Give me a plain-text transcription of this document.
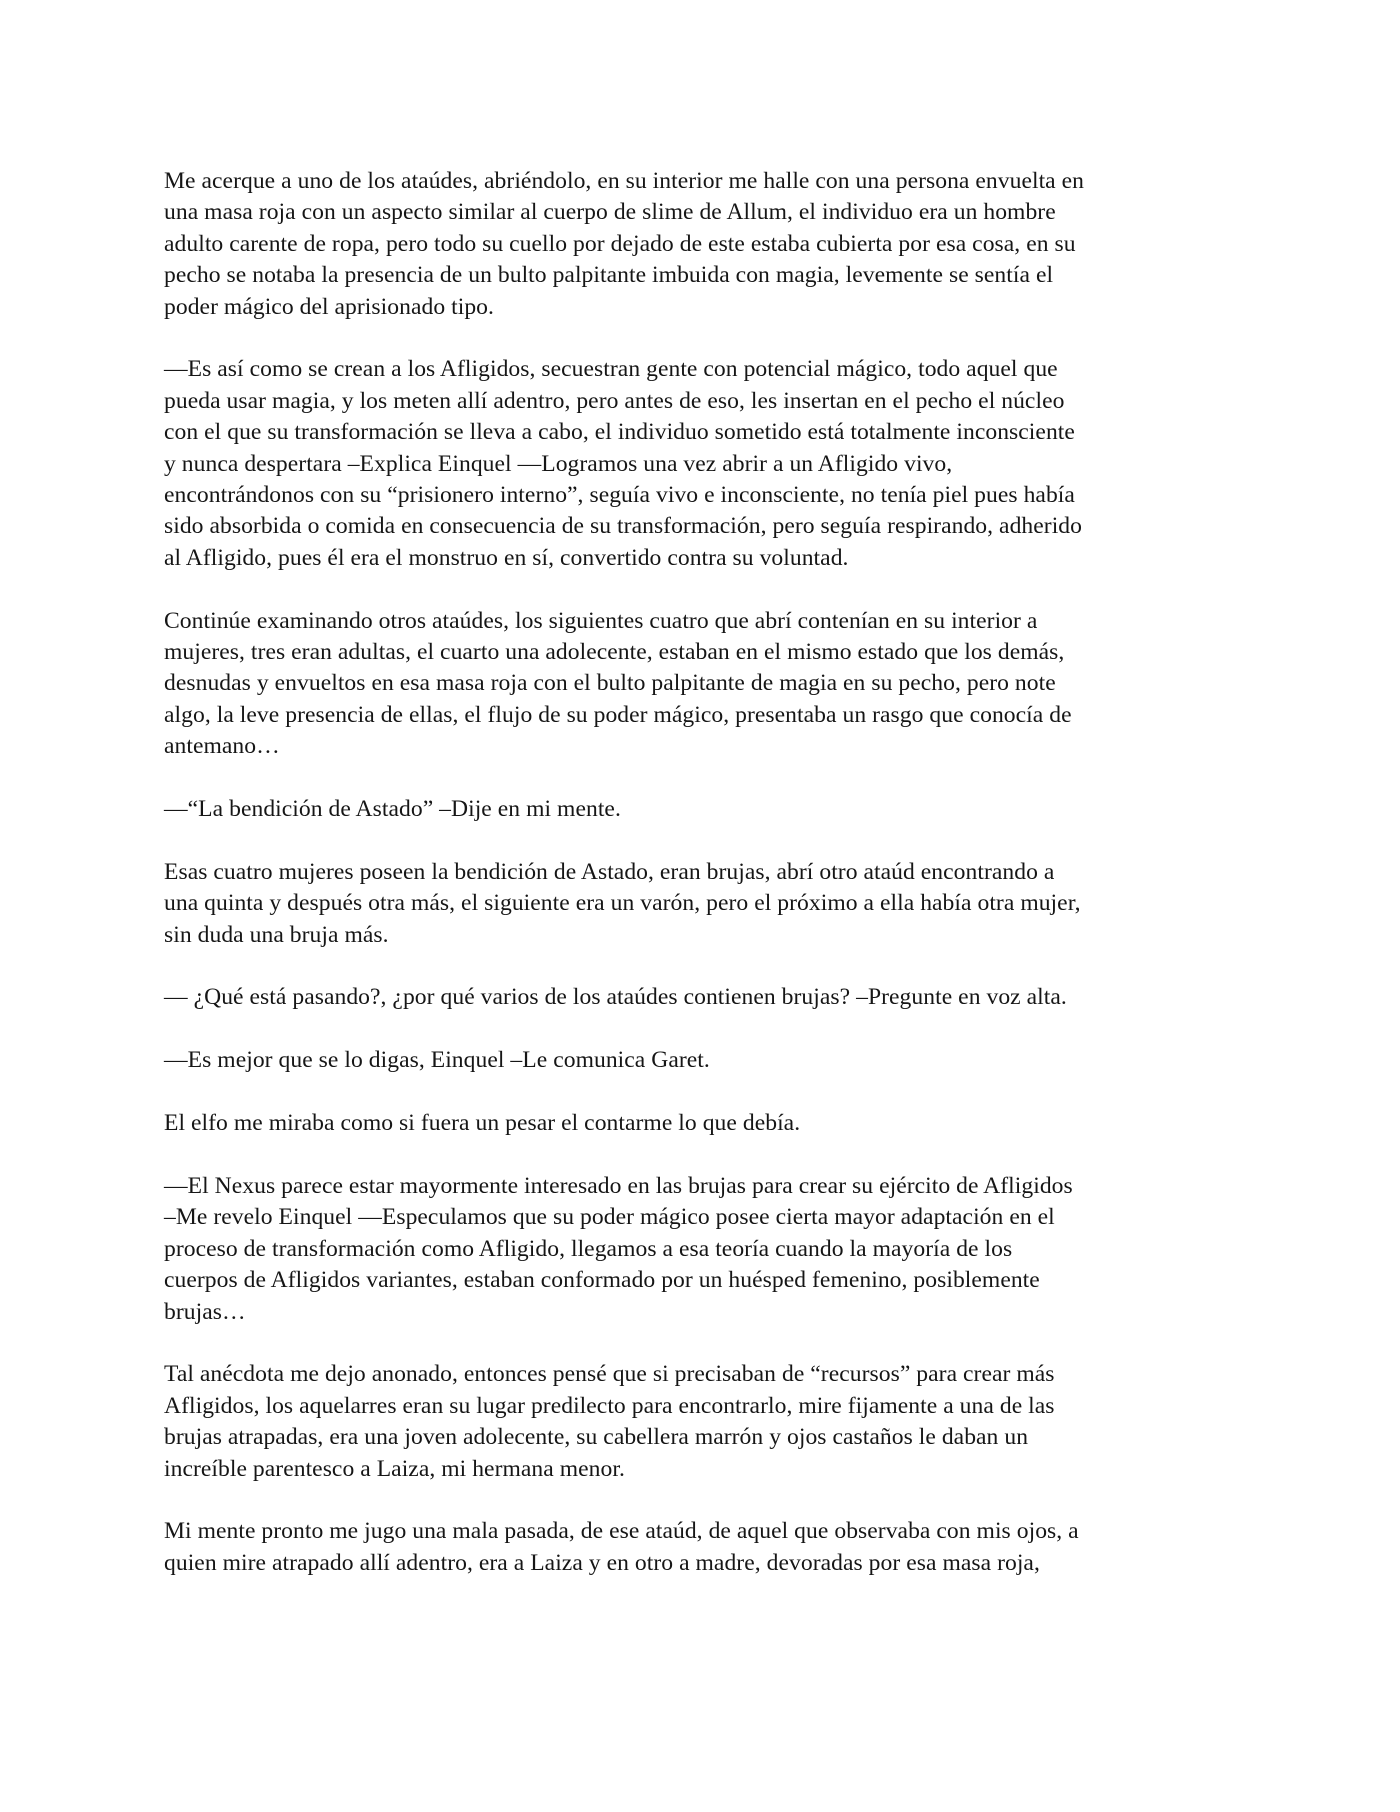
Me acerque a uno de los ataúdes, abriéndolo, en su interior me halle con una persona envuelta en
una masa roja con un aspecto similar al cuerpo de slime de Allum, el individuo era un hombre
adulto carente de ropa, pero todo su cuello por dejado de este estaba cubierta por esa cosa, en su
pecho se notaba la presencia de un bulto palpitante imbuida con magia, levemente se sentía el
poder mágico del aprisionado tipo.

—Es así como se crean a los Afligidos, secuestran gente con potencial mágico, todo aquel que
pueda usar magia, y los meten allí adentro, pero antes de eso, les insertan en el pecho el núcleo
con el que su transformación se lleva a cabo, el individuo sometido está totalmente inconsciente
y nunca despertara –Explica Einquel —Logramos una vez abrir a un Afligido vivo,
encontrándonos con su “prisionero interno”, seguía vivo e inconsciente, no tenía piel pues había
sido absorbida o comida en consecuencia de su transformación, pero seguía respirando, adherido
al Afligido, pues él era el monstruo en sí, convertido contra su voluntad.

Continúe examinando otros ataúdes, los siguientes cuatro que abrí contenían en su interior a
mujeres, tres eran adultas, el cuarto una adolecente, estaban en el mismo estado que los demás,
desnudas y envueltos en esa masa roja con el bulto palpitante de magia en su pecho, pero note
algo, la leve presencia de ellas, el flujo de su poder mágico, presentaba un rasgo que conocía de
antemano…

—“La bendición de Astado” –Dije en mi mente.

Esas cuatro mujeres poseen la bendición de Astado, eran brujas, abrí otro ataúd encontrando a
una quinta y después otra más, el siguiente era un varón, pero el próximo a ella había otra mujer,
sin duda una bruja más.

— ¿Qué está pasando?, ¿por qué varios de los ataúdes contienen brujas? –Pregunte en voz alta.

—Es mejor que se lo digas, Einquel –Le comunica Garet.

El elfo me miraba como si fuera un pesar el contarme lo que debía.

—El Nexus parece estar mayormente interesado en las brujas para crear su ejército de Afligidos
–Me revelo Einquel —Especulamos que su poder mágico posee cierta mayor adaptación en el
proceso de transformación como Afligido, llegamos a esa teoría cuando la mayoría de los
cuerpos de Afligidos variantes, estaban conformado por un huésped femenino, posiblemente
brujas…

Tal anécdota me dejo anonado, entonces pensé que si precisaban de “recursos” para crear más
Afligidos, los aquelarres eran su lugar predilecto para encontrarlo, mire fijamente a una de las
brujas atrapadas, era una joven adolecente, su cabellera marrón y ojos castaños le daban un
increíble parentesco a Laiza, mi hermana menor.

Mi mente pronto me jugo una mala pasada, de ese ataúd, de aquel que observaba con mis ojos, a
quien mire atrapado allí adentro, era a Laiza y en otro a madre, devoradas por esa masa roja,
